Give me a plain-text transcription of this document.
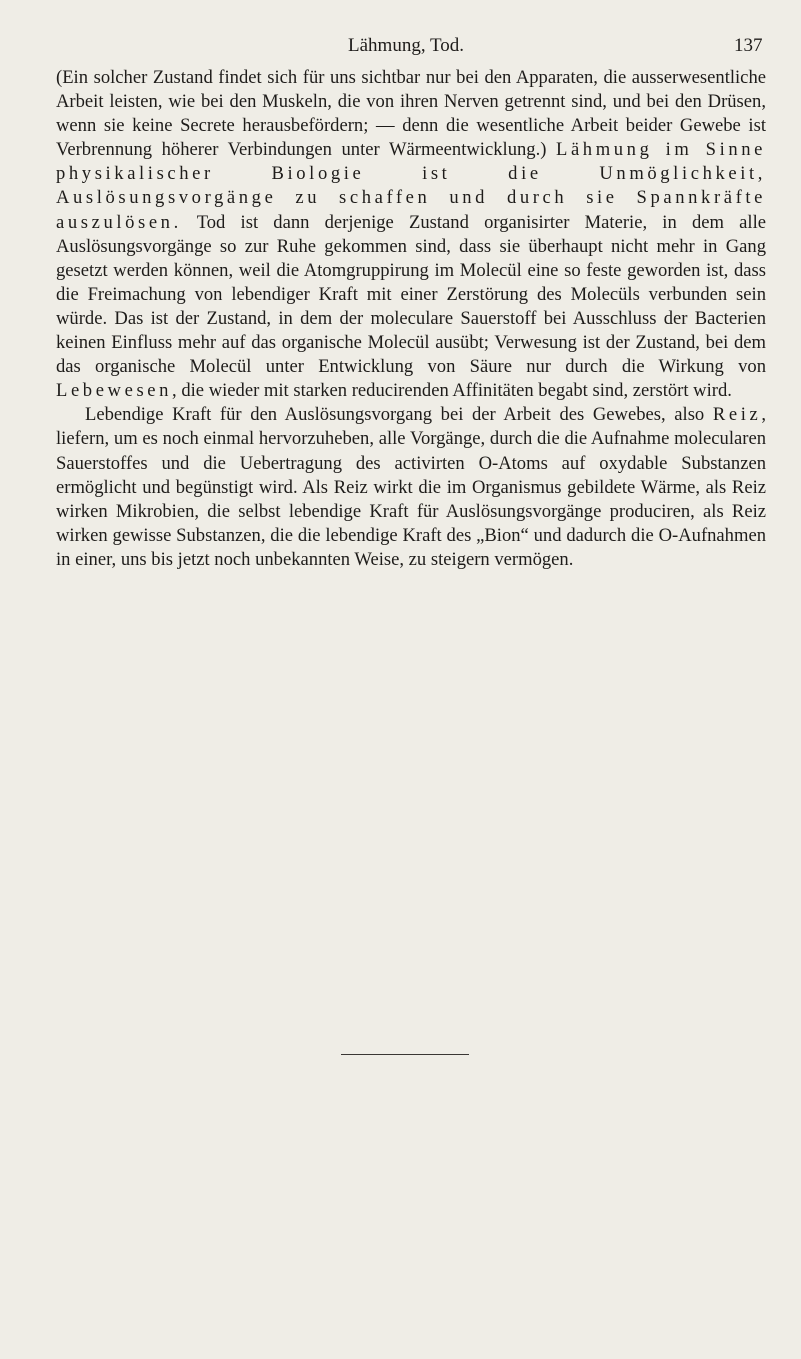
Lähmung, Tod.	137

(Ein solcher Zustand findet sich für uns sichtbar nur bei den Apparaten, die ausserwesentliche Arbeit leisten, wie bei den Muskeln, die von ihren Nerven getrennt sind, und bei den Drüsen, wenn sie keine Secrete herausbefördern; — denn die wesentliche Arbeit beider Gewebe ist Verbrennung höherer Verbindungen unter Wärmeentwicklung.) Lähmung im Sinne physikalischer Biologie ist die Unmöglichkeit, Auslösungsvorgänge zu schaffen und durch sie Spannkräfte auszulösen. Tod ist dann derjenige Zustand organisirter Materie, in dem alle Auslösungsvorgänge so zur Ruhe gekommen sind, dass sie überhaupt nicht mehr in Gang gesetzt werden können, weil die Atomgruppirung im Molecül eine so feste geworden ist, dass die Freimachung von lebendiger Kraft mit einer Zerstörung des Molecüls verbunden sein würde. Das ist der Zustand, in dem der moleculare Sauerstoff bei Ausschluss der Bacterien keinen Einfluss mehr auf das organische Molecül ausübt; Verwesung ist der Zustand, bei dem das organische Molecül unter Entwicklung von Säure nur durch die Wirkung von Lebewesen, die wieder mit starken reducirenden Affinitäten begabt sind, zerstört wird.

Lebendige Kraft für den Auslösungsvorgang bei der Arbeit des Gewebes, also Reiz, liefern, um es noch einmal hervorzuheben, alle Vorgänge, durch die die Aufnahme molecularen Sauerstoffes und die Uebertragung des activirten O-Atoms auf oxydable Substanzen ermöglicht und begünstigt wird. Als Reiz wirkt die im Organismus gebildete Wärme, als Reiz wirken Mikrobien, die selbst lebendige Kraft für Auslösungsvorgänge produciren, als Reiz wirken gewisse Substanzen, die die lebendige Kraft des „Bion“ und dadurch die O-Aufnahmen in einer, uns bis jetzt noch unbekannten Weise, zu steigern vermögen.
